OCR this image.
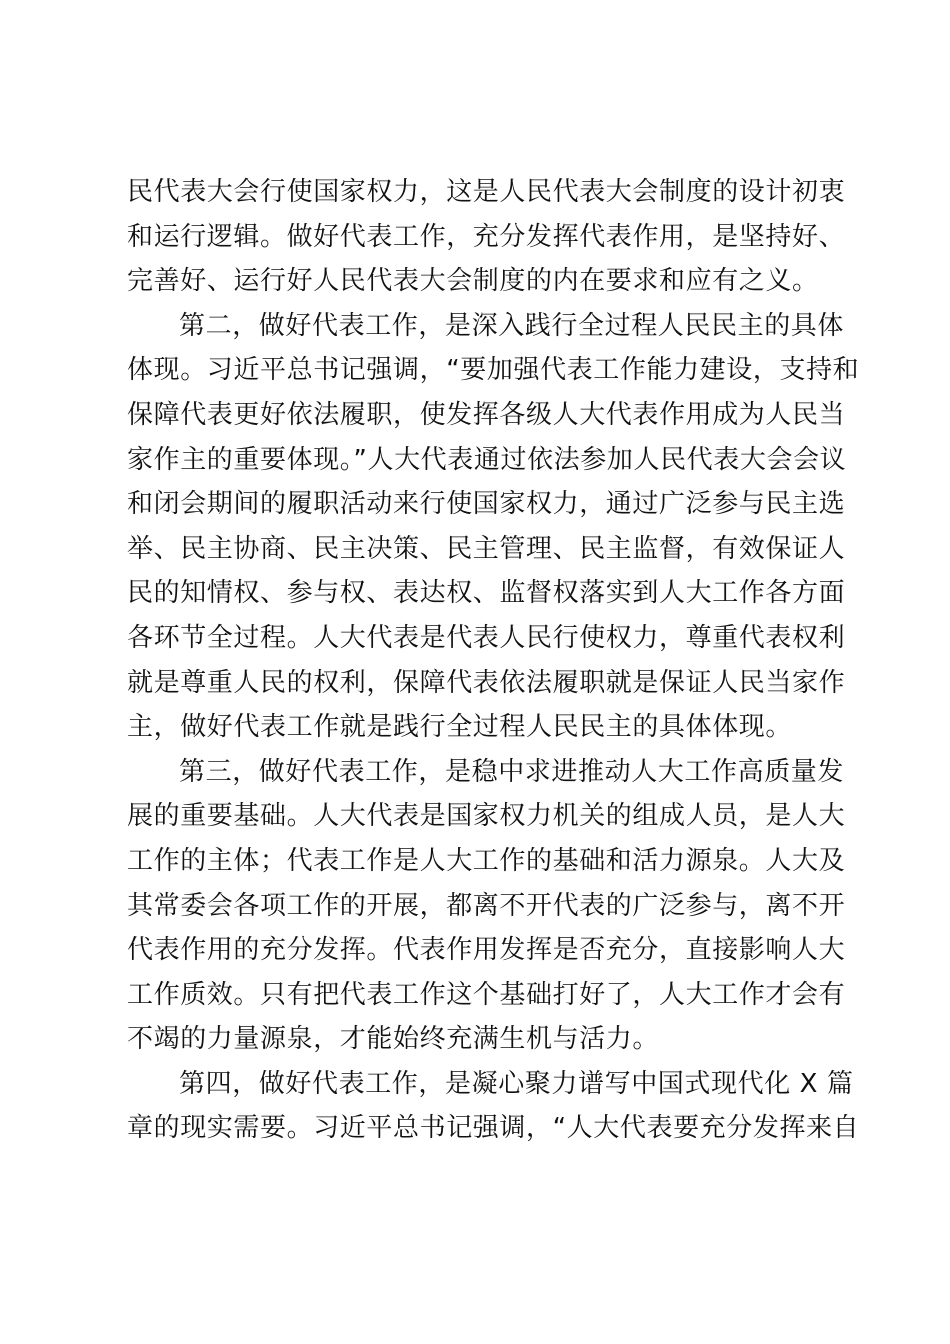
民代表大会行使国家权力，这是人民代表大会制度的设计初衷
和运行逻辑。做好代表工作，充分发挥代表作用，是坚持好、
完善好、运行好人民代表大会制度的内在要求和应有之义。
第二，做好代表工作，是深入践行全过程人民民主的具体
体现。习近平总书记强调，“要加强代表工作能力建设，支持和
保障代表更好依法履职，使发挥各级人大代表作用成为人民当
家作主的重要体现。”人大代表通过依法参加人民代表大会会议
和闭会期间的履职活动来行使国家权力，通过广泛参与民主选
举、民主协商、民主决策、民主管理、民主监督，有效保证人
民的知情权、参与权、表达权、监督权落实到人大工作各方面
各环节全过程。人大代表是代表人民行使权力，尊重代表权利
就是尊重人民的权利，保障代表依法履职就是保证人民当家作
主，做好代表工作就是践行全过程人民民主的具体体现。
第三，做好代表工作，是稳中求进推动人大工作高质量发
展的重要基础。人大代表是国家权力机关的组成人员，是人大
工作的主体；代表工作是人大工作的基础和活力源泉。人大及
其常委会各项工作的开展，都离不开代表的广泛参与，离不开
代表作用的充分发挥。代表作用发挥是否充分，直接影响人大
工作质效。只有把代表工作这个基础打好了，人大工作才会有
不竭的力量源泉，才能始终充满生机与活力。
第四，做好代表工作，是凝心聚力谱写中国式现代化 X 篇
章的现实需要。习近平总书记强调，“人大代表要充分发挥来自
